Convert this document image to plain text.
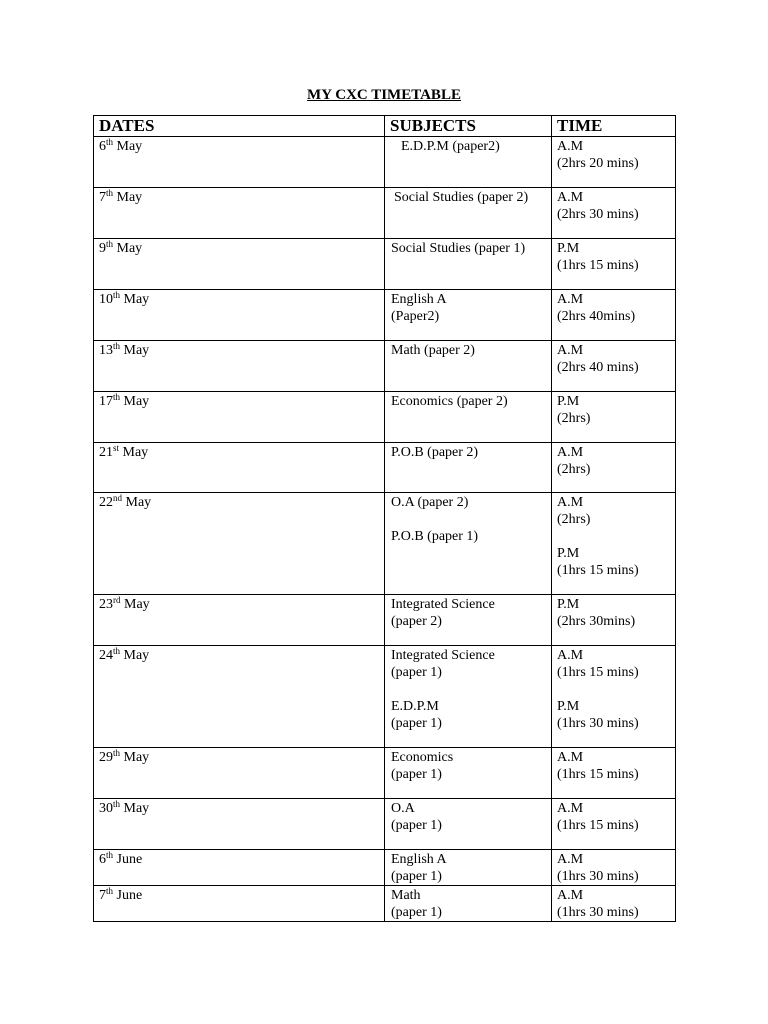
MY CXC TIMETABLE
DATES	SUBJECTS	TIME
6th May	E.D.P.M (paper2)	A.M
(2hrs 20 mins)

7th May	Social Studies (paper 2)	A.M
(2hrs 30 mins)

9th May	Social Studies (paper 1)	P.M
(1hrs 15 mins)

10th May	English A
(Paper2)	A.M
(2hrs 40mins)

13th May	Math (paper 2)	A.M
(2hrs 40 mins)

17th May	Economics (paper 2)	P.M
(2hrs)

21st May	P.O.B (paper 2)	A.M
(2hrs)

22nd May	O.A (paper 2)
P.O.B (paper 1)	A.M
(2hrs)
P.M
(1hrs 15 mins)

23rd May	Integrated Science
(paper 2)	P.M
(2hrs 30mins)

24th May	Integrated Science
(paper 1)
E.D.P.M
(paper 1)	A.M
(1hrs 15 mins)
P.M
(1hrs 30 mins)

29th May	Economics
(paper 1)	A.M
(1hrs 15 mins)

30th May	O.A
(paper 1)	A.M
(1hrs 15 mins)

6th June	English A
(paper 1)	A.M
(1hrs 30 mins)

7th June	Math
(paper 1)	A.M
(1hrs 30 mins)
